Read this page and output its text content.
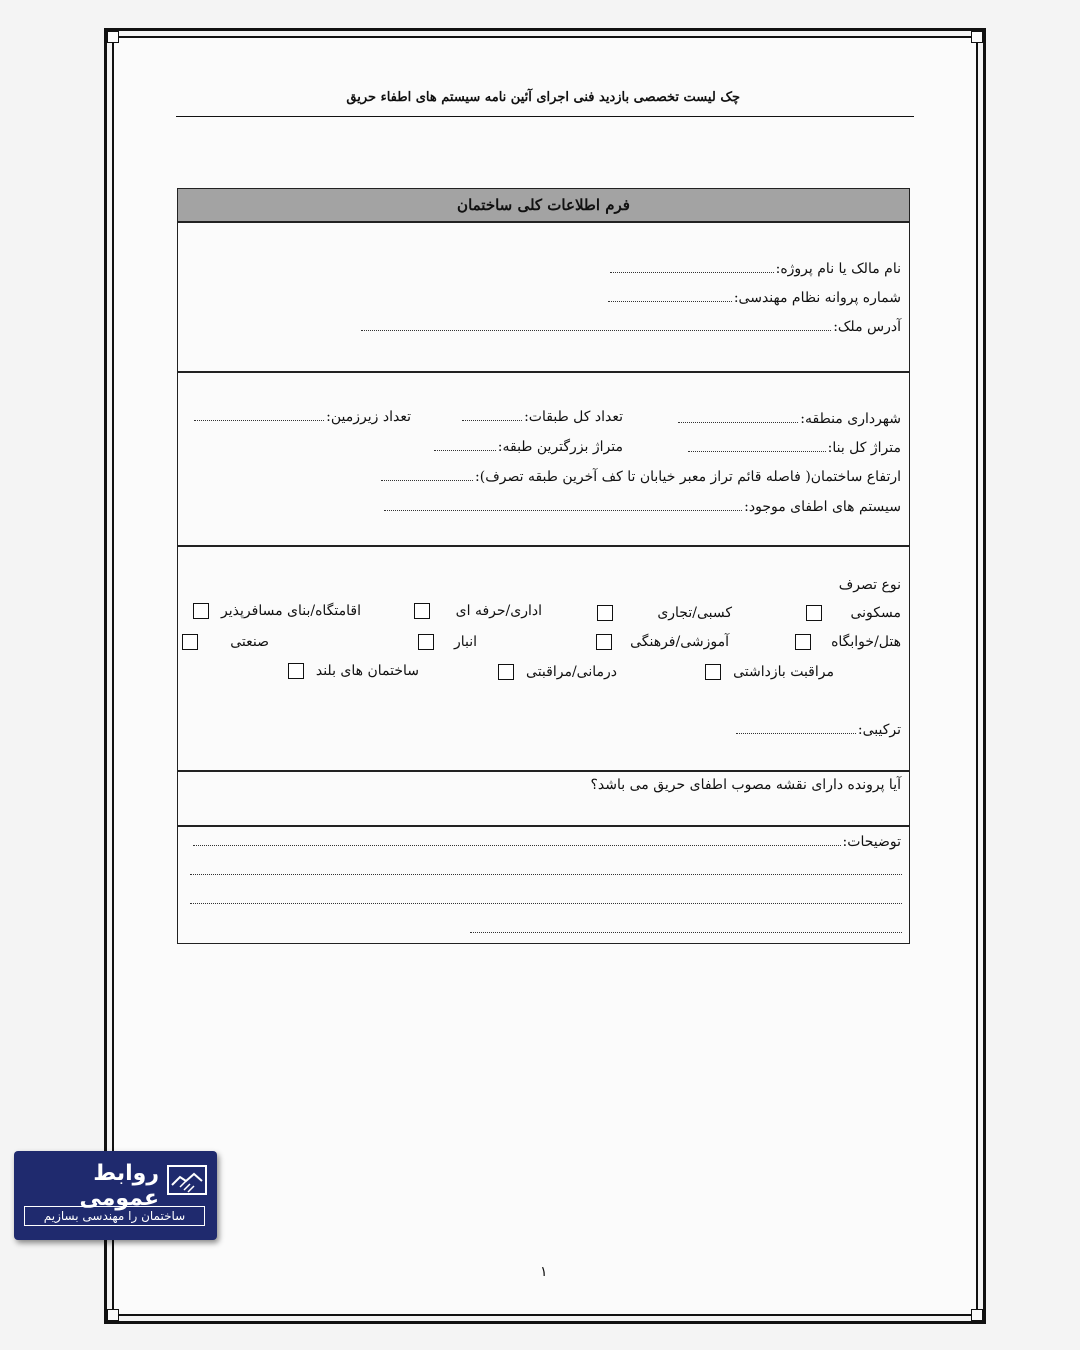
چک لیست تخصصی بازدید فنی اجرای آئین نامه سیستم های اطفاء حریق
فرم اطلاعات کلی ساختمان
نام مالک یا نام پروژه:
شماره پروانه نظام مهندسی:
آدرس ملک:
شهرداری منطقه:
تعداد کل طبقات:
تعداد زیرزمین:
متراژ کل بنا:
متراژ بزرگترین طبقه:
ارتفاع ساختمان( فاصله قائم تراز معبر خیابان تا کف آخرین طبقه تصرف):
سیستم های اطفای موجود:
نوع تصرف
مسکونی
کسبی/تجاری
اداری/حرفه ای
اقامتگاه/بنای مسافرپذیر
هتل/خوابگاه
آموزشی/فرهنگی
انبار
صنعتی
مراقبت بازداشتی
درمانی/مراقبتی
ساختمان های بلند
ترکیبی:
آیا پرونده دارای نقشه مصوب اطفای حریق می باشد؟
توضیحات:
۱
روابط عمومی
ساختمان را مهندسی بسازیم
